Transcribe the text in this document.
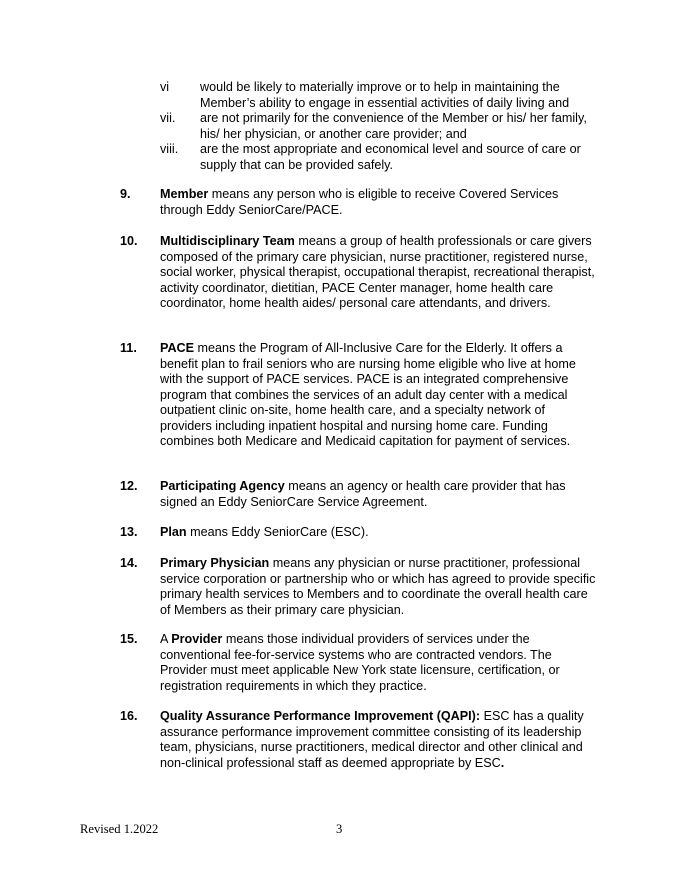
vi	would be likely to materially improve or to help in maintaining the Member’s ability to engage in essential activities of daily living and
vii.	are not primarily for the convenience of the Member or his/ her family, his/ her physician, or another care provider; and
viii.	are the most appropriate and economical level and source of care or supply that can be provided safely.
9.	Member means any person who is eligible to receive Covered Services through Eddy SeniorCare/PACE.
10.	Multidisciplinary Team means a group of health professionals or care givers composed of the primary care physician, nurse practitioner, registered nurse, social worker, physical therapist, occupational therapist, recreational therapist, activity coordinator, dietitian, PACE Center manager, home health care coordinator, home health aides/ personal care attendants, and drivers.
11.	PACE means the Program of All-Inclusive Care for the Elderly. It offers a benefit plan to frail seniors who are nursing home eligible who live at home with the support of PACE services. PACE is an integrated comprehensive program that combines the services of an adult day center with a medical outpatient clinic on-site, home health care, and a specialty network of providers including inpatient hospital and nursing home care. Funding combines both Medicare and Medicaid capitation for payment of services.
12.	Participating Agency means an agency or health care provider that has signed an Eddy SeniorCare Service Agreement.
13.	Plan means Eddy SeniorCare (ESC).
14.	Primary Physician means any physician or nurse practitioner, professional service corporation or partnership who or which has agreed to provide specific primary health services to Members and to coordinate the overall health care of Members as their primary care physician.
15.	A Provider means those individual providers of services under the conventional fee-for-service systems who are contracted vendors. The Provider must meet applicable New York state licensure, certification, or registration requirements in which they practice.
16.	Quality Assurance Performance Improvement (QAPI): ESC has a quality assurance performance improvement committee consisting of its leadership team, physicians, nurse practitioners, medical director and other clinical and non-clinical professional staff as deemed appropriate by ESC.
Revised 1.2022	3
